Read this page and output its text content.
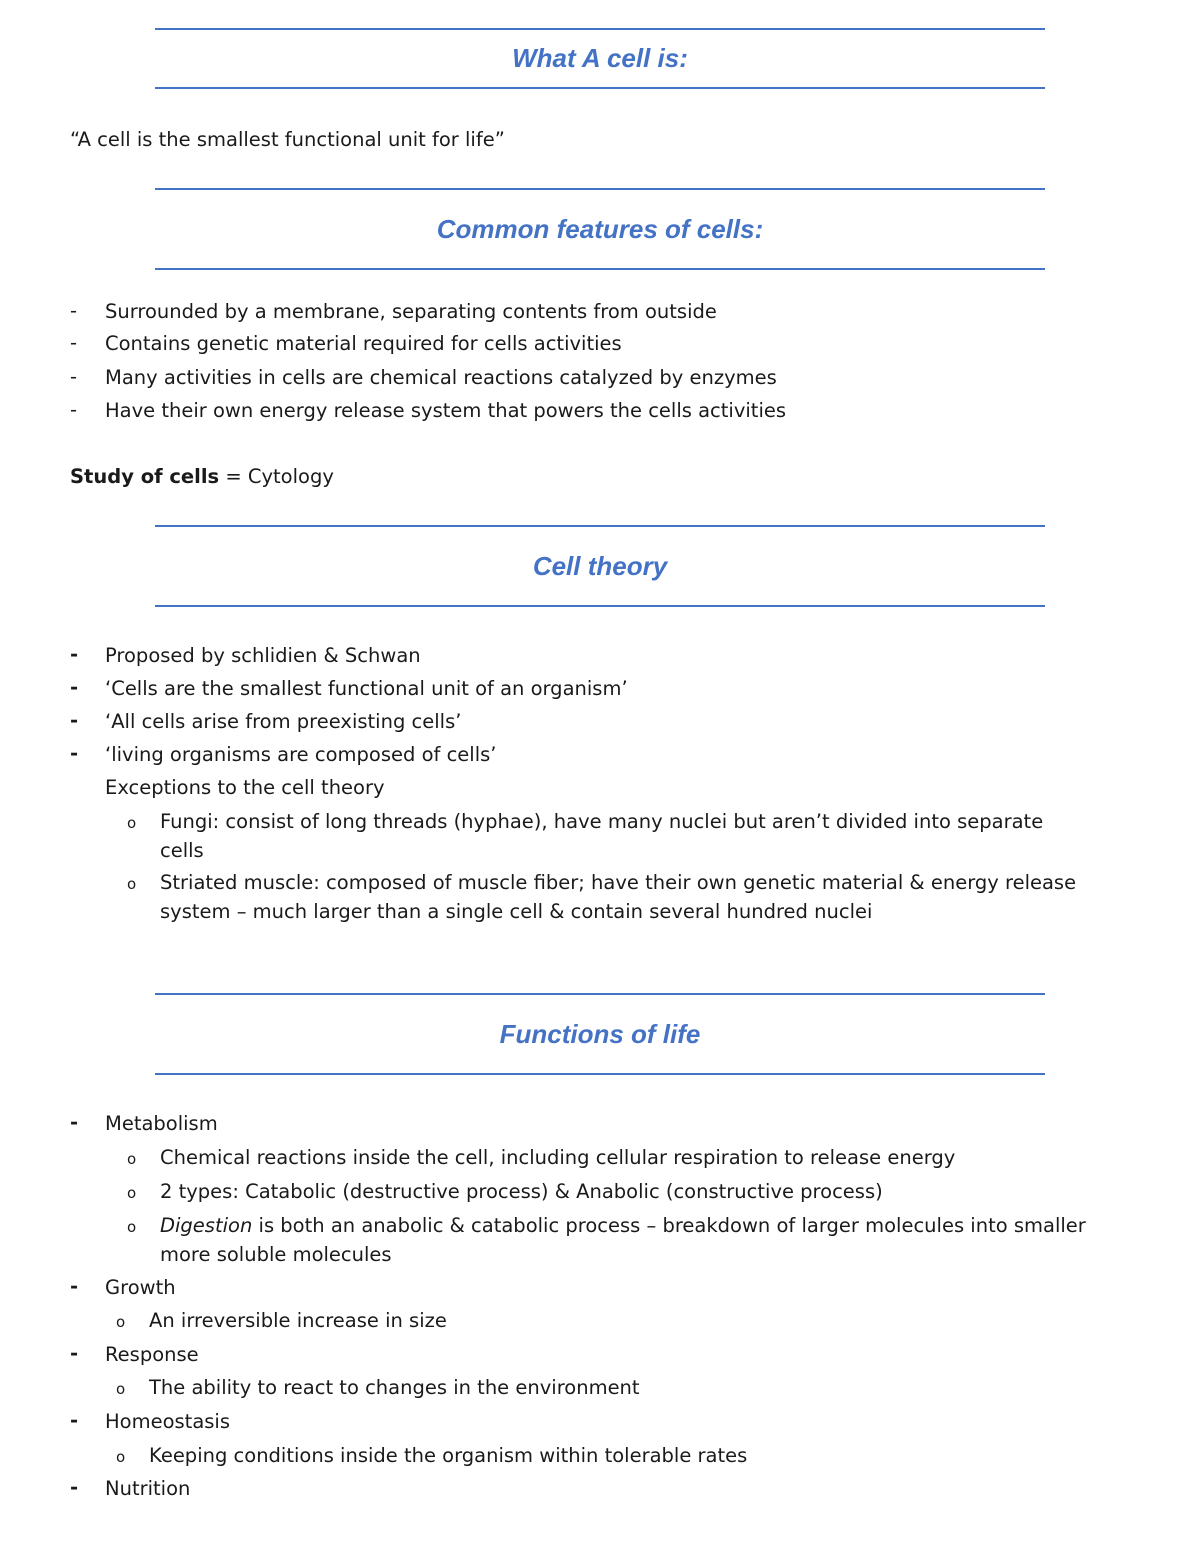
What A cell is:
“A cell is the smallest functional unit for life”
Common features of cells:
- Surrounded by a membrane, separating contents from outside
- Contains genetic material required for cells activities
- Many activities in cells are chemical reactions catalyzed by enzymes
- Have their own energy release system that powers the cells activities
Study of cells = Cytology
Cell theory
- Proposed by schlidien & Schwan
- ‘Cells are the smallest functional unit of an organism’
- ‘All cells arise from preexisting cells’
- ‘living organisms are composed of cells’
Exceptions to the cell theory
o Fungi: consist of long threads (hyphae), have many nuclei but aren’t divided into separate cells
o Striated muscle: composed of muscle fiber; have their own genetic material & energy release system – much larger than a single cell & contain several hundred nuclei
Functions of life
- Metabolism
o Chemical reactions inside the cell, including cellular respiration to release energy
o 2 types: Catabolic (destructive process) & Anabolic (constructive process)
o Digestion is both an anabolic & catabolic process – breakdown of larger molecules into smaller more soluble molecules
- Growth
o An irreversible increase in size
- Response
o The ability to react to changes in the environment
- Homeostasis
o Keeping conditions inside the organism within tolerable rates
- Nutrition
